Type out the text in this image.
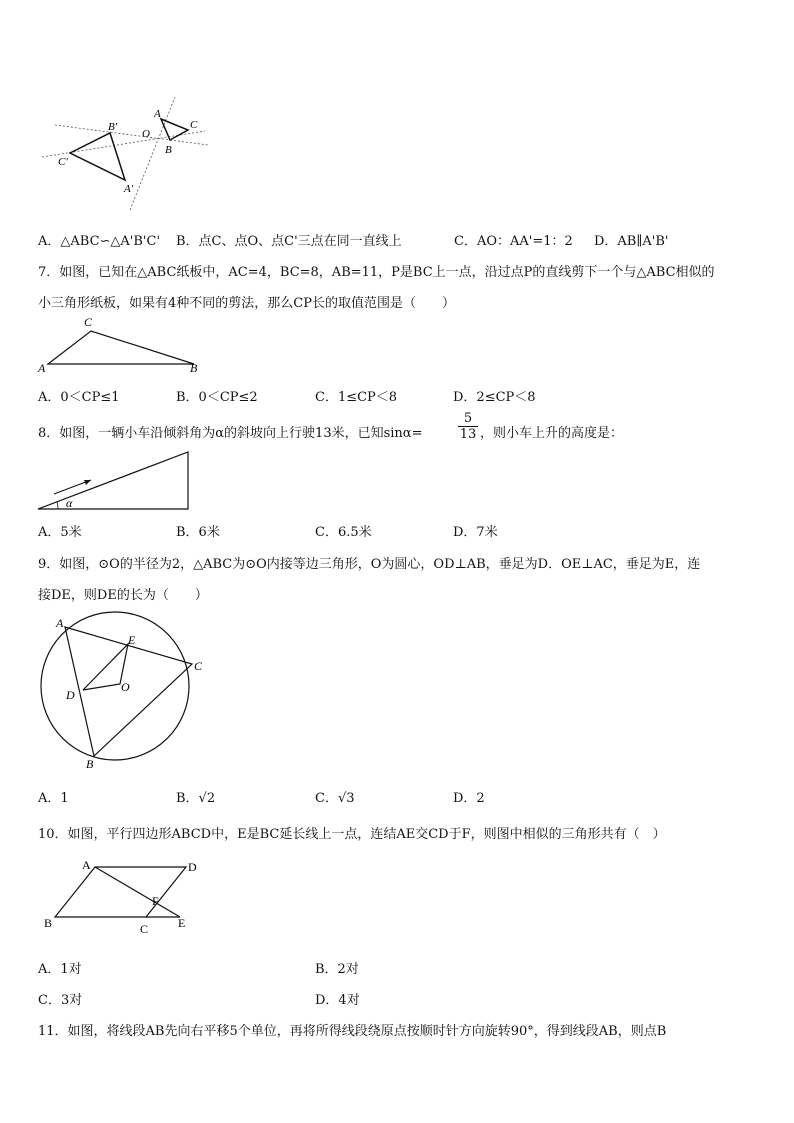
B'
C'
A'
O
A
C
B
A．△ABC∽△A'B'C' B．点C、点O、点C'三点在同一直线上	C．AO：AA'=1：2 D．AB∥A'B'
7．如图，已知在△ABC纸板中，AC=4，BC=8，AB=11，P是BC上一点，沿过点P的直线剪下一个与△ABC相似的
小三角形纸板，如果有4种不同的剪法，那么CP长的取值范围是（　　）
A
C
B
A．0＜CP≤1	B．0＜CP≤2	C．1≤CP＜8	D．2≤CP＜8
8．如图，一辆小车沿倾斜角为α的斜坡向上行驶13米，已知sinα=	$\frac{5}{13}$ ，则小车上升的高度是：
α
A．5米	B．6米	C．6.5米	D．7米
9．如图，⊙O的半径为2，△ABC为⊙O内接等边三角形，O为圆心，OD⊥AB，垂足为D．OE⊥AC，垂足为E，连
接DE，则DE的长为（　　）
A
C
B
E
D
O
A．1	B．√2	C．√3	D．2
10．如图，平行四边形ABCD中，E是BC延长线上一点，连结AE交CD于F，则图中相似的三角形共有（　）
A	D
B	C E
F
A．1对	B．2对
C．3对	D．4对
11．如图，将线段AB先向右平移5个单位，再将所得线段绕原点按顺时针方向旋转90°，得到线段AB，则点B
